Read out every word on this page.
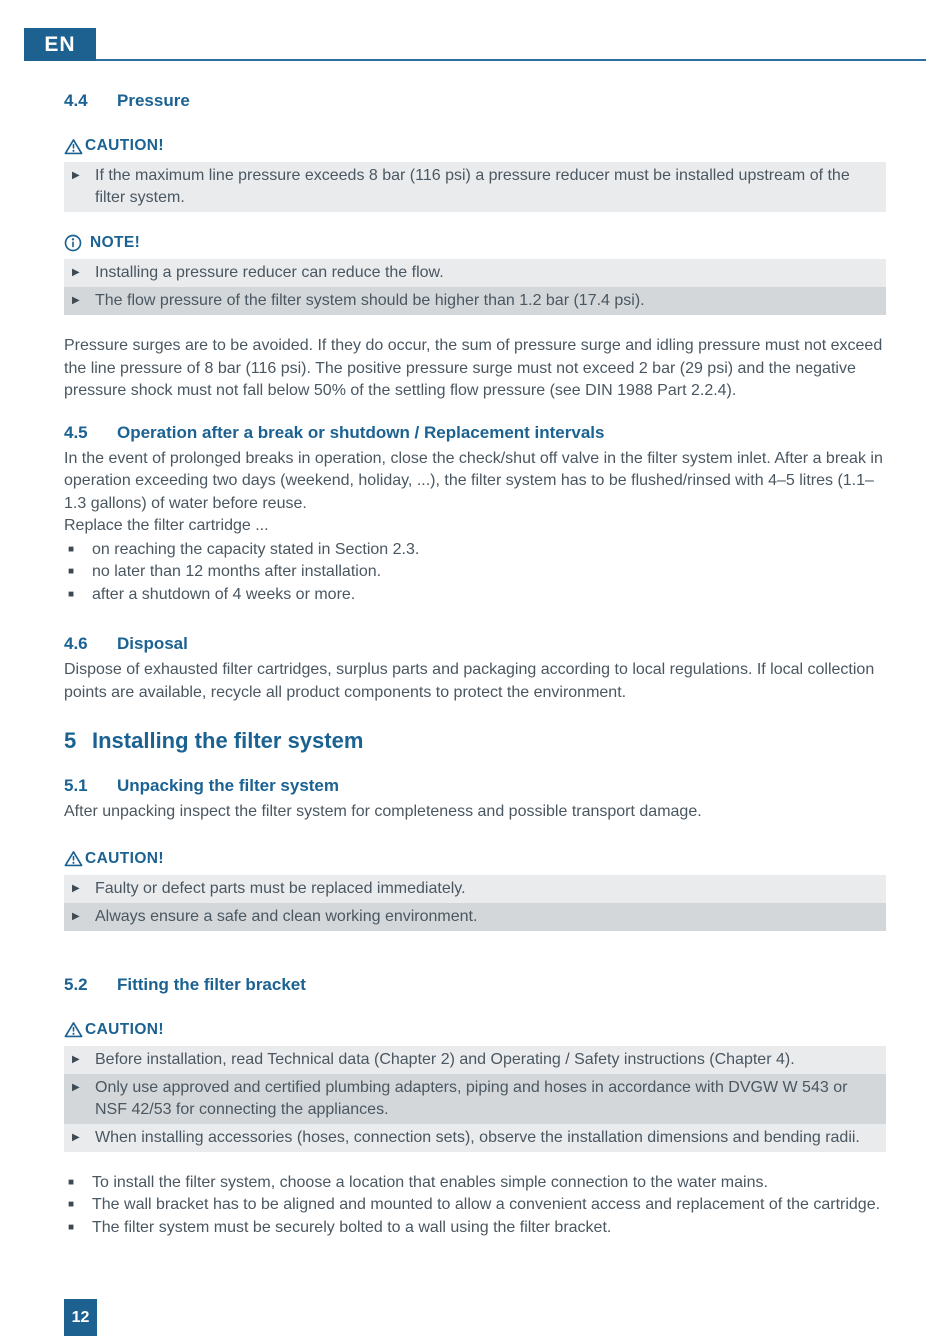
EN
4.4	Pressure
CAUTION!
▶ If the maximum line pressure exceeds 8 bar (116 psi) a pressure reducer must be installed upstream of the filter system.
NOTE!
▶ Installing a pressure reducer can reduce the flow.
▶ The flow pressure of the filter system should be higher than 1.2 bar (17.4 psi).

Pressure surges are to be avoided. If they do occur, the sum of pressure surge and idling pressure must not exceed the line pressure of 8 bar (116 psi). The positive pressure surge must not exceed 2 bar (29 psi) and the negative pressure shock must not fall below 50% of the settling flow pressure (see DIN 1988 Part 2.2.4).

4.5	Operation after a break or shutdown / Replacement intervals

In the event of prolonged breaks in operation, close the check/shut off valve in the filter system inlet. After a break in operation exceeding two days (weekend, holiday, ...), the filter system has to be flushed/rinsed with 4–5 litres (1.1–1.3 gallons) of water before reuse.

Replace the filter cartridge ...

■	on reaching the capacity stated in Section 2.3.
■	no later than 12 months after installation.
■	after a shutdown of 4 weeks or more.
4.6	Disposal

Dispose of exhausted filter cartridges, surplus parts and packaging according to local regulations. If local collection points are available, recycle all product components to protect the environment.

5 Installing the filter system
5.1	Unpacking the filter system

After unpacking inspect the filter system for completeness and possible transport damage.

CAUTION!
▶ Faulty or defect parts must be replaced immediately.
▶ Always ensure a safe and clean working environment.
5.2	Fitting the filter bracket
CAUTION!
▶ Before installation, read Technical data (Chapter 2) and Operating / Safety instructions (Chapter 4).
▶ Only use approved and certified plumbing adapters, piping and hoses in accordance with DVGW W 543 or NSF 42/53 for connecting the appliances.
▶ When installing accessories (hoses, connection sets), observe the installation dimensions and bending radii.
■	To install the filter system, choose a location that enables simple connection to the water mains.
■	The wall bracket has to be aligned and mounted to allow a convenient access and replacement of the cartridge.
■	The filter system must be securely bolted to a wall using the filter bracket.
12
